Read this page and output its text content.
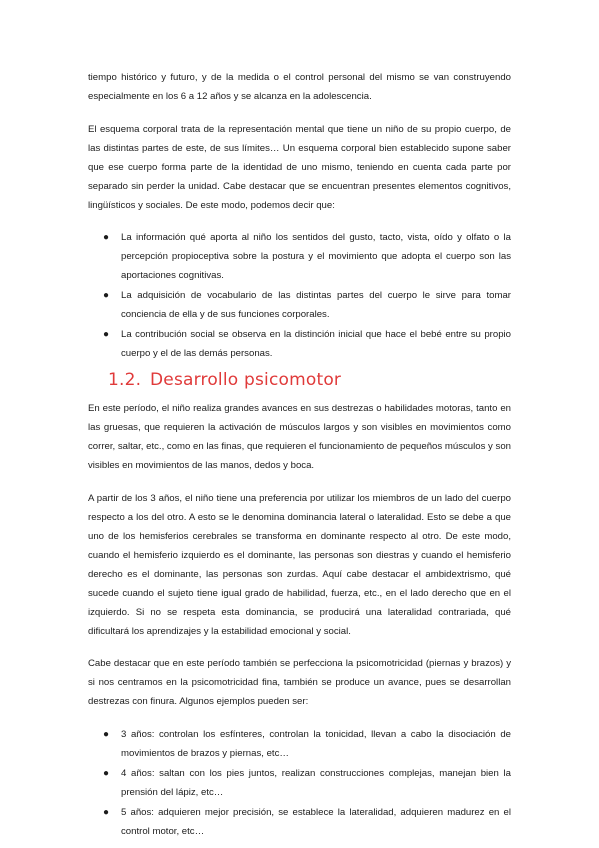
tiempo histórico y futuro, y de la medida o el control personal del mismo se van construyendo especialmente en los 6 a 12 años y se alcanza en la adolescencia.

El esquema corporal trata de la representación mental que tiene un niño de su propio cuerpo, de las distintas partes de este, de sus límites… Un esquema corporal bien establecido supone saber que ese cuerpo forma parte de la identidad de uno mismo, teniendo en cuenta cada parte por separado sin perder la unidad. Cabe destacar que se encuentran presentes elementos cognitivos, lingüísticos y sociales. De este modo, podemos decir que:

● La información qué aporta al niño los sentidos del gusto, tacto, vista, oído y olfato o la percepción propioceptiva sobre la postura y el movimiento que adopta el cuerpo son las aportaciones cognitivas.
● La adquisición de vocabulario de las distintas partes del cuerpo le sirve para tomar conciencia de ella y de sus funciones corporales.
● La contribución social se observa en la distinción inicial que hace el bebé entre su propio cuerpo y el de las demás personas.
1.2. Desarrollo psicomotor

En este período, el niño realiza grandes avances en sus destrezas o habilidades motoras, tanto en las gruesas, que requieren la activación de músculos largos y son visibles en movimientos como correr, saltar, etc., como en las finas, que requieren el funcionamiento de pequeños músculos y son visibles en movimientos de las manos, dedos y boca.

A partir de los 3 años, el niño tiene una preferencia por utilizar los miembros de un lado del cuerpo respecto a los del otro. A esto se le denomina dominancia lateral o lateralidad. Esto se debe a que uno de los hemisferios cerebrales se transforma en dominante respecto al otro. De este modo, cuando el hemisferio izquierdo es el dominante, las personas son diestras y cuando el hemisferio derecho es el dominante, las personas son zurdas. Aquí cabe destacar el ambidextrismo, qué sucede cuando el sujeto tiene igual grado de habilidad, fuerza, etc., en el lado derecho que en el izquierdo. Si no se respeta esta dominancia, se producirá una lateralidad contrariada, qué dificultará los aprendizajes y la estabilidad emocional y social.

Cabe destacar que en este período también se perfecciona la psicomotricidad (piernas y brazos) y si nos centramos en la psicomotricidad fina, también se produce un avance, pues se desarrollan destrezas con finura. Algunos ejemplos pueden ser:

● 3 años: controlan los esfínteres, controlan la tonicidad, llevan a cabo la disociación de movimientos de brazos y piernas, etc…
● 4 años: saltan con los pies juntos, realizan construcciones complejas, manejan bien la prensión del lápiz, etc…
● 5 años: adquieren mejor precisión, se establece la lateralidad, adquieren madurez en el control motor, etc…
